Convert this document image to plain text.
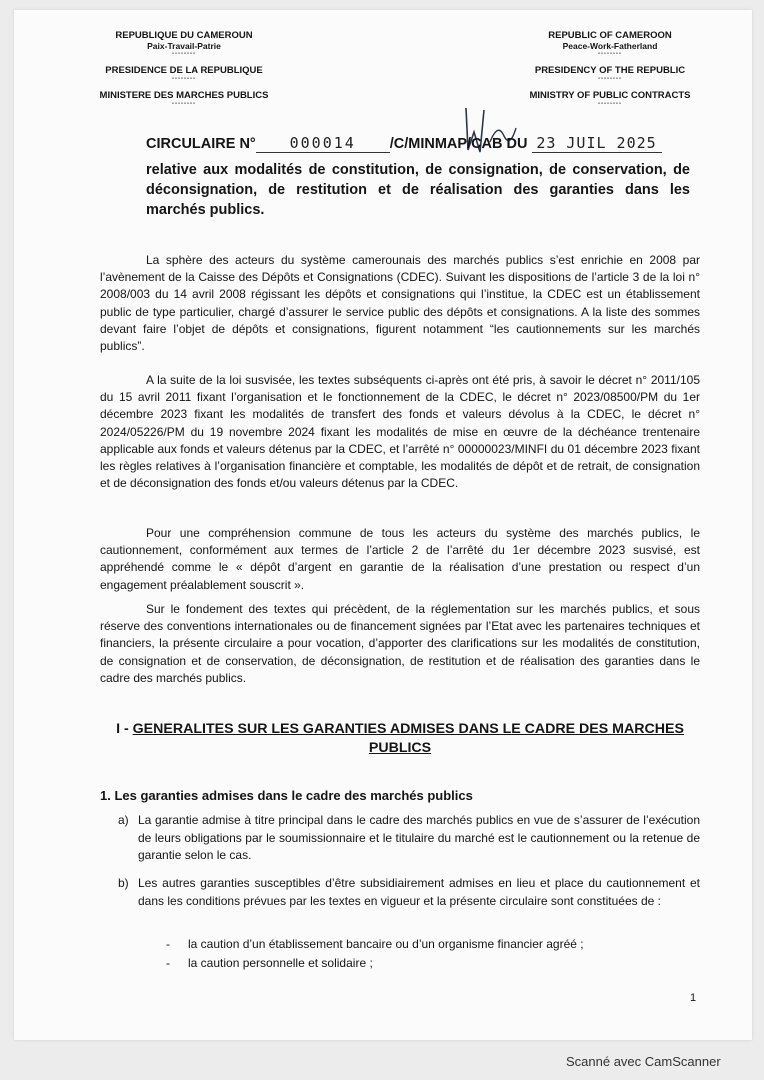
REPUBLIQUE DU CAMEROUN
Paix-Travail-Patrie
--------
PRESIDENCE DE LA REPUBLIQUE
--------
MINISTERE DES MARCHES PUBLICS
--------
REPUBLIC OF CAMEROON
Peace-Work-Fatherland
--------
PRESIDENCY OF THE REPUBLIC
--------
MINISTRY OF PUBLIC CONTRACTS
--------
CIRCULAIRE N° 000014 /C/MINMAP/CAB DU 23 JUIL 2025
relative aux modalités de constitution, de consignation, de conservation, de déconsignation, de restitution et de réalisation des garanties dans les marchés publics.

La sphère des acteurs du système camerounais des marchés publics s’est enrichie en 2008 par l’avènement de la Caisse des Dépôts et Consignations (CDEC). Suivant les dispositions de l’article 3 de la loi n° 2008/003 du 14 avril 2008 régissant les dépôts et consignations qui l’institue, la CDEC est un établissement public de type particulier, chargé d’assurer le service public des dépôts et consignations. A la liste des sommes devant faire l’objet de dépôts et consignations, figurent notamment “les cautionnements sur les marchés publics”.

A la suite de la loi susvisée, les textes subséquents ci-après ont été pris, à savoir le décret n° 2011/105 du 15 avril 2011 fixant l’organisation et le fonctionnement de la CDEC, le décret n° 2023/08500/PM du 1er décembre 2023 fixant les modalités de transfert des fonds et valeurs dévolus à la CDEC, le décret n° 2024/05226/PM du 19 novembre 2024 fixant les modalités de mise en œuvre de la déchéance trentenaire applicable aux fonds et valeurs détenus par la CDEC, et l’arrêté n° 00000023/MINFI du 01 décembre 2023 fixant les règles relatives à l’organisation financière et comptable, les modalités de dépôt et de retrait, de consignation et de déconsignation des fonds et/ou valeurs détenus par la CDEC.

Pour une compréhension commune de tous les acteurs du système des marchés publics, le cautionnement, conformément aux termes de l’article 2 de l’arrêté du 1er décembre 2023 susvisé, est appréhendé comme le « dépôt d’argent en garantie de la réalisation d’une prestation ou respect d’un engagement préalablement souscrit ».

Sur le fondement des textes qui précèdent, de la réglementation sur les marchés publics, et sous réserve des conventions internationales ou de financement signées par l’Etat avec les partenaires techniques et financiers, la présente circulaire a pour vocation, d’apporter des clarifications sur les modalités de constitution, de consignation et de conservation, de déconsignation, de restitution et de réalisation des garanties dans le cadre des marchés publics.

I - GENERALITES SUR LES GARANTIES ADMISES DANS LE CADRE DES MARCHES PUBLICS
1. Les garanties admises dans le cadre des marchés publics
a) La garantie admise à titre principal dans le cadre des marchés publics en vue de s’assurer de l’exécution de leurs obligations par le soumissionnaire et le titulaire du marché est le cautionnement ou la retenue de garantie selon le cas.
b) Les autres garanties susceptibles d’être subsidiairement admises en lieu et place du cautionnement et dans les conditions prévues par les textes en vigueur et la présente circulaire sont constituées de :
- la caution d’un établissement bancaire ou d’un organisme financier agréé ;
- la caution personnelle et solidaire ;
1
Scanné avec CamScanner
